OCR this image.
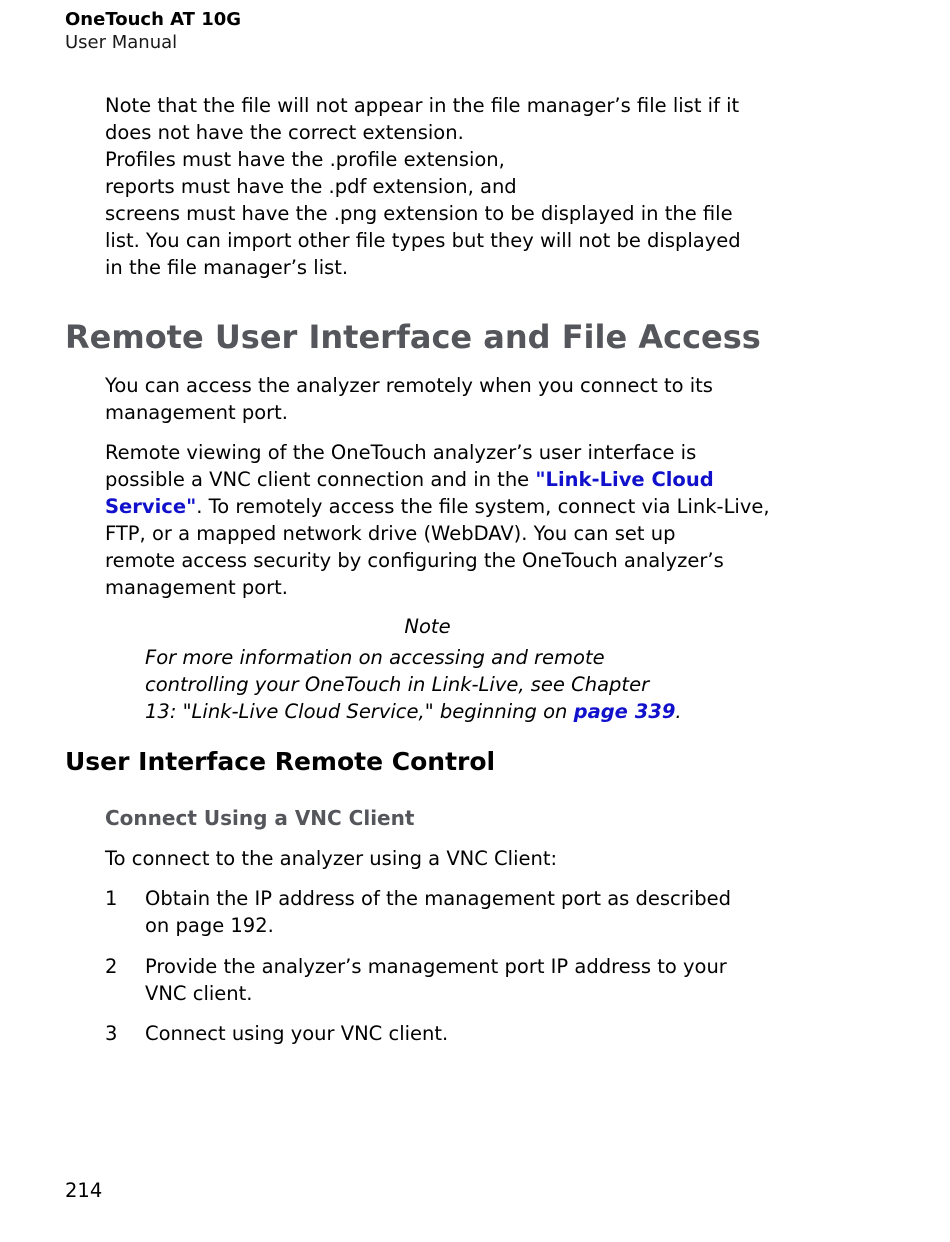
OneTouch AT 10G
User Manual

Note that the file will not appear in the file manager’s file list if it
does not have the correct extension.
Profiles must have the .profile extension,
reports must have the .pdf extension, and
screens must have the .png extension to be displayed in the file
list. You can import other file types but they will not be displayed
in the file manager’s list.

Remote User Interface and File Access

You can access the analyzer remotely when you connect to its
management port.

Remote viewing of the OneTouch analyzer’s user interface is
possible a VNC client connection and in the "Link-Live Cloud
Service". To remotely access the file system, connect via Link-Live,
FTP, or a mapped network drive (WebDAV). You can set up
remote access security by configuring the OneTouch analyzer’s
management port.

Note
For more information on accessing and remote
controlling your OneTouch in Link-Live, see Chapter
13: "Link-Live Cloud Service," beginning on page 339.
User Interface Remote Control
Connect Using a VNC Client

To connect to the analyzer using a VNC Client:

1	Obtain the IP address of the management port as described
on page 192.
2	Provide the analyzer’s management port IP address to your
VNC client.
3	Connect using your VNC client.
214
